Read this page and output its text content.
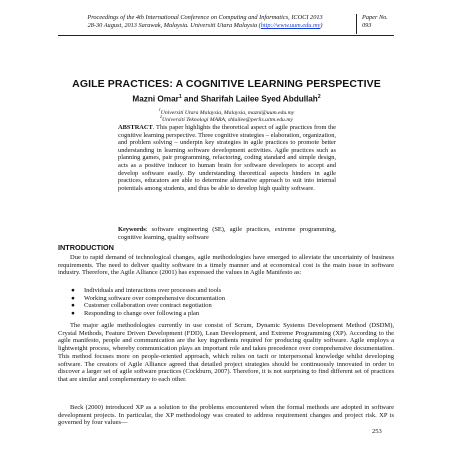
Proceedings of the 4th International Conference on Computing and Informatics, ICOCI 2013
28-30 August, 2013 Sarawak, Malaysia. Universiti Utara Malaysia (http://www.uum.edu.my)
Paper No.
093
AGILE PRACTICES: A COGNITIVE LEARNING PERSPECTIVE
Mazni Omar$^1$ and Sharifah Lailee Syed Abdullah$^2$
$^1$Universiti Utara Malaysia, Malaysia, mazni@uum.edu.my
$^2$Universiti Teknologi MARA, shlailee@perlis.uitm.edu.my
ABSTRACT. This paper highlights the theoretical aspect of agile practices from the cognitive learning perspective. Three cognitive strategies – elaboration, organization, and problem solving – underpin key strategies in agile practices to promote better understanding in learning software development activities. Agile practices such as planning games, pair programming, refactoring, coding standard and simple design, acts as a positive inducer to human brain for software developers to accept and develop software easily. By understanding theoretical aspects hinders in agile practices, educators are able to determine alternative approach to suit into internal potentials among students, and thus be able to develop high quality software.
Keywords: software engineering (SE), agile practices, extreme programming, cognitive learning, quality software
INTRODUCTION

Due to rapid demand of technological changes, agile methodologies have emerged to alleviate the uncertainty of business requirements. The need to deliver quality software in a timely manner and at economical cost is the main issue in software industry. Therefore, the Agile Alliance (2001) has expressed the values in Agile Manifesto as:

● Individuals and interactions over processes and tools
● Working software over comprehensive documentation
● Customer collaboration over contract negotiation
● Responding to change over following a plan

The major agile methodologies currently in use consist of Scrum, Dynamic Systems Development Method (DSDM), Crystal Methods, Feature Driven Development (FDD), Lean Development, and Extreme Programming (XP). According to the agile manifesto, people and communication are the key ingredients required for producing quality software. Agile employs a lightweight process, whereby communication plays an important role and takes precedence over comprehensive documentation. This method focuses more on people-oriented approach, which relies on tacit or interpersonal knowledge whilst developing software. The creators of Agile Alliance agreed that detailed project strategies should be continuously innovated in order to discover a larger set of agile software practices (Cockburn, 2007). Therefore, it is not surprising to find different set of practices that are similar and complementary to each other.

Beck (2000) introduced XP as a solution to the problems encountered when the formal methods are adopted in software development projects. In particular, the XP methodology was created to address requirement changes and project risk. XP is governed by four values—

253
